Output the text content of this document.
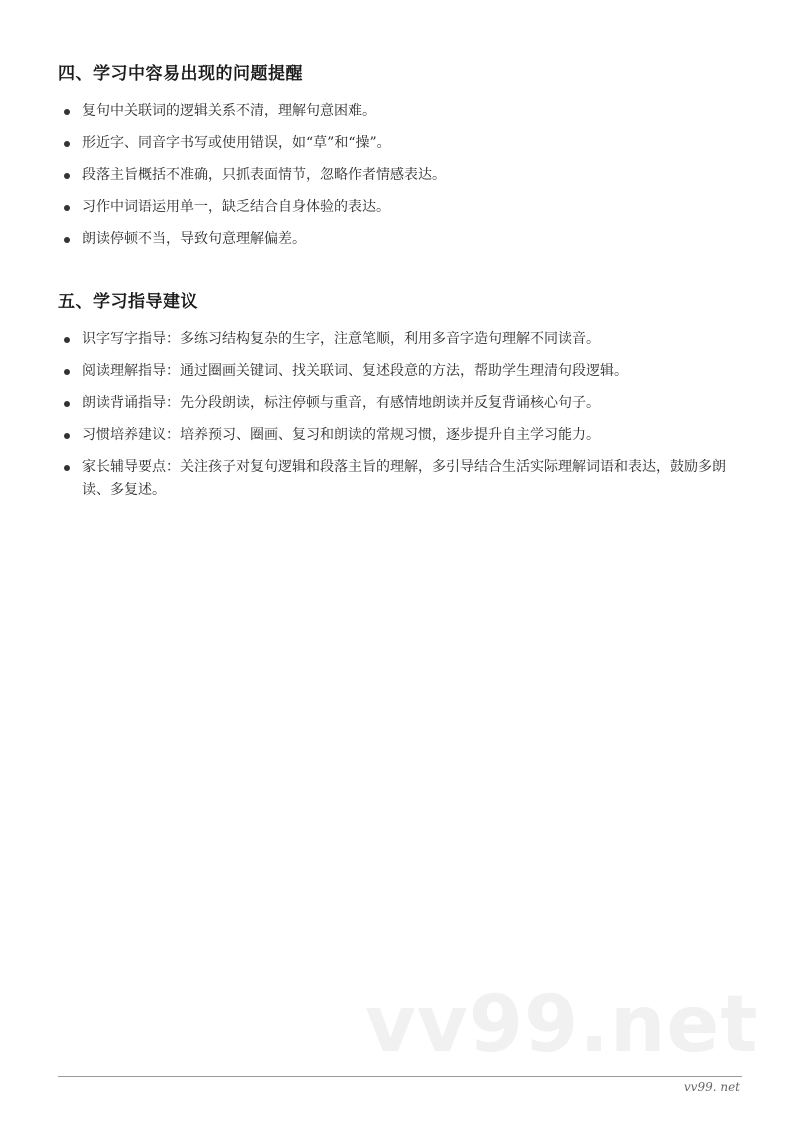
四、学习中容易出现的问题提醒
复句中关联词的逻辑关系不清，理解句意困难。
形近字、同音字书写或使用错误，如“草”和“操”。
段落主旨概括不准确，只抓表面情节，忽略作者情感表达。
习作中词语运用单一，缺乏结合自身体验的表达。
朗读停顿不当，导致句意理解偏差。
五、学习指导建议
识字写字指导：多练习结构复杂的生字，注意笔顺，利用多音字造句理解不同读音。
阅读理解指导：通过圈画关键词、找关联词、复述段意的方法，帮助学生理清句段逻辑。
朗读背诵指导：先分段朗读，标注停顿与重音，有感情地朗读并反复背诵核心句子。
习惯培养建议：培养预习、圈画、复习和朗读的常规习惯，逐步提升自主学习能力。
家长辅导要点：关注孩子对复句逻辑和段落主旨的理解，多引导结合生活实际理解词语和表达，鼓励多朗读、多复述。
vv99.net
vv99. net
